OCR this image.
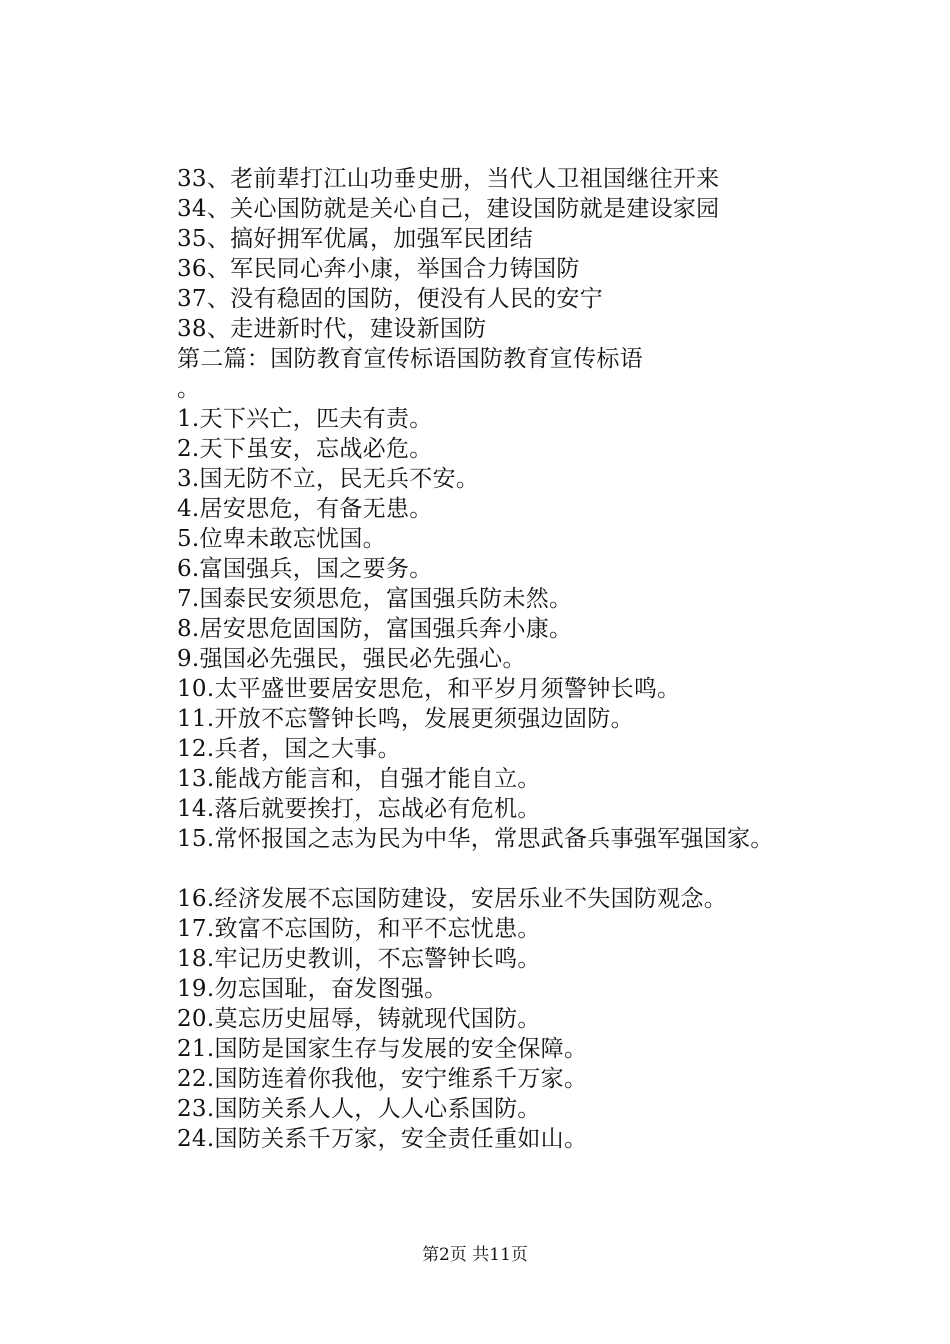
33、老前辈打江山功垂史册，当代人卫祖国继往开来
34、关心国防就是关心自己，建设国防就是建设家园
35、搞好拥军优属，加强军民团结
36、军民同心奔小康，举国合力铸国防
37、没有稳固的国防，便没有人民的安宁
38、走进新时代，建设新国防
第二篇：国防教育宣传标语国防教育宣传标语
。
1.天下兴亡，匹夫有责。
2.天下虽安，忘战必危。
3.国无防不立，民无兵不安。
4.居安思危，有备无患。
5.位卑未敢忘忧国。
6.富国强兵，国之要务。
7.国泰民安须思危，富国强兵防未然。
8.居安思危固国防，富国强兵奔小康。
9.强国必先强民，强民必先强心。
10.太平盛世要居安思危，和平岁月须警钟长鸣。
11.开放不忘警钟长鸣，发展更须强边固防。
12.兵者，国之大事。
13.能战方能言和，自强才能自立。
14.落后就要挨打，忘战必有危机。
15.常怀报国之志为民为中华，常思武备兵事强军强国家。
16.经济发展不忘国防建设，安居乐业不失国防观念。
17.致富不忘国防，和平不忘忧患。
18.牢记历史教训，不忘警钟长鸣。
19.勿忘国耻，奋发图强。
20.莫忘历史屈辱，铸就现代国防。
21.国防是国家生存与发展的安全保障。
22.国防连着你我他，安宁维系千万家。
23.国防关系人人，人人心系国防。
24.国防关系千万家，安全责任重如山。
第2页 共11页
